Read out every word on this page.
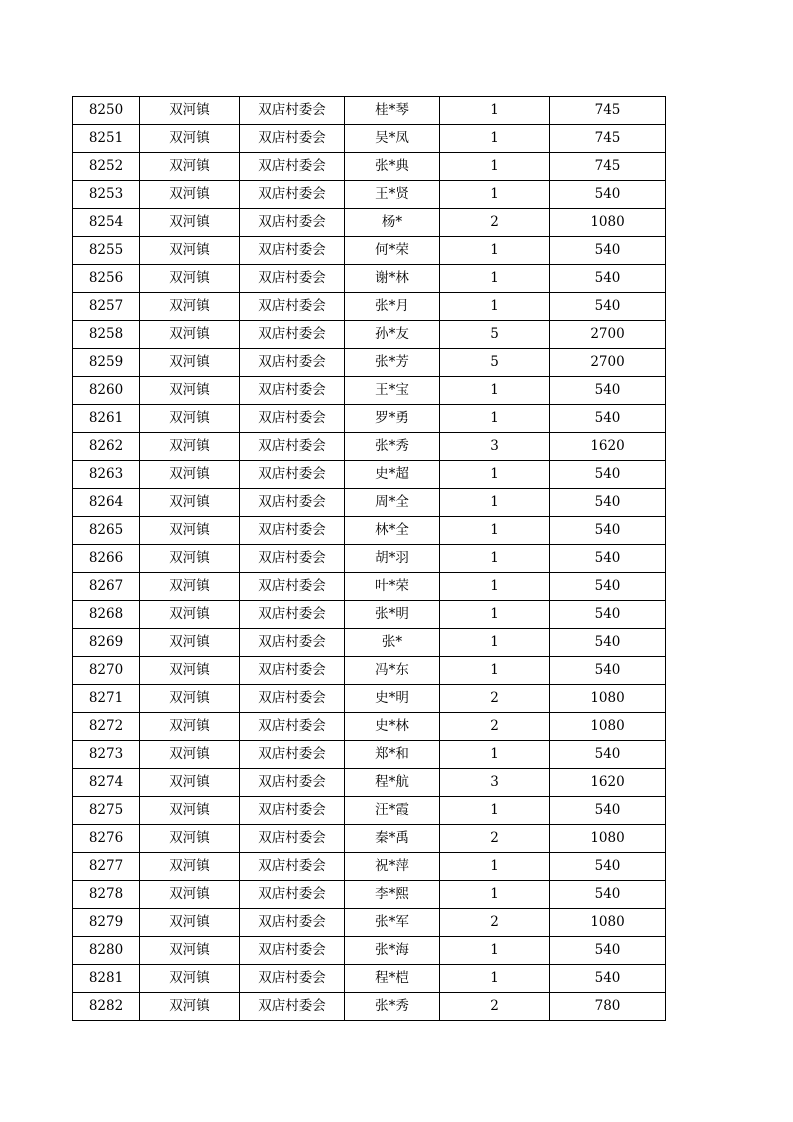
8250	双河镇	双店村委会	桂*琴	1	745
8251	双河镇	双店村委会	吴*凤	1	745
8252	双河镇	双店村委会	张*典	1	745
8253	双河镇	双店村委会	王*贤	1	540
8254	双河镇	双店村委会	杨*	2	1080
8255	双河镇	双店村委会	何*荣	1	540
8256	双河镇	双店村委会	谢*林	1	540
8257	双河镇	双店村委会	张*月	1	540
8258	双河镇	双店村委会	孙*友	5	2700
8259	双河镇	双店村委会	张*芳	5	2700
8260	双河镇	双店村委会	王*宝	1	540
8261	双河镇	双店村委会	罗*勇	1	540
8262	双河镇	双店村委会	张*秀	3	1620
8263	双河镇	双店村委会	史*超	1	540
8264	双河镇	双店村委会	周*全	1	540
8265	双河镇	双店村委会	林*全	1	540
8266	双河镇	双店村委会	胡*羽	1	540
8267	双河镇	双店村委会	叶*荣	1	540
8268	双河镇	双店村委会	张*明	1	540
8269	双河镇	双店村委会	张*	1	540
8270	双河镇	双店村委会	冯*东	1	540
8271	双河镇	双店村委会	史*明	2	1080
8272	双河镇	双店村委会	史*林	2	1080
8273	双河镇	双店村委会	郑*和	1	540
8274	双河镇	双店村委会	程*航	3	1620
8275	双河镇	双店村委会	汪*霞	1	540
8276	双河镇	双店村委会	秦*禹	2	1080
8277	双河镇	双店村委会	祝*萍	1	540
8278	双河镇	双店村委会	李*熙	1	540
8279	双河镇	双店村委会	张*军	2	1080
8280	双河镇	双店村委会	张*海	1	540
8281	双河镇	双店村委会	程*桤	1	540
8282	双河镇	双店村委会	张*秀	2	780
